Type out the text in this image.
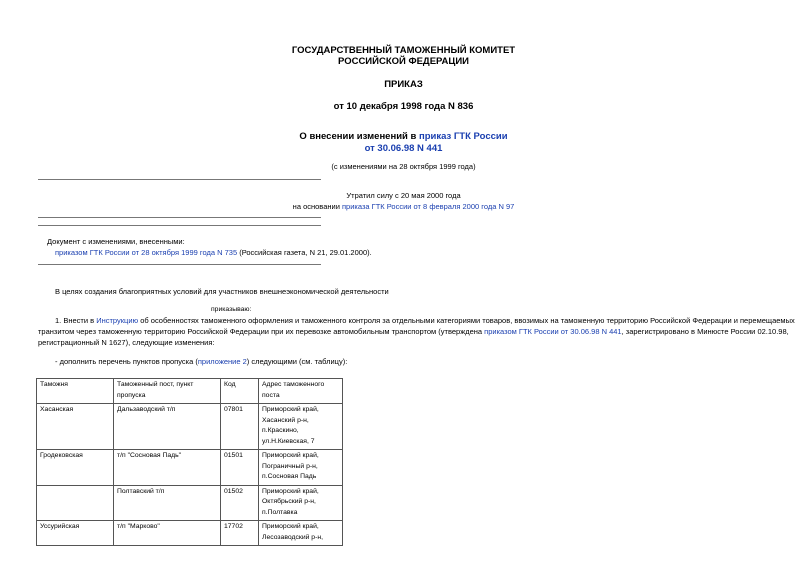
ГОСУДАРСТВЕННЫЙ ТАМОЖЕННЫЙ КОМИТЕТ
РОССИЙСКОЙ ФЕДЕРАЦИИ
ПРИКАЗ
от 10 декабря 1998 года N 836
О внесении изменений в приказ ГТК России
от 30.06.98 N 441
(с изменениями на 28 октября 1999 года)
Утратил силу с 20 мая 2000 года
на основании приказа ГТК России от 8 февраля 2000 года N 97
Документ с изменениями, внесенными:
приказом ГТК России от 28 октября 1999 года N 735 (Российская газета, N 21, 29.01.2000).
В целях создания благоприятных условий для участников внешнеэкономической деятельности
приказываю:
1. Внести в Инструкцию об особенностях таможенного оформления и таможенного контроля за отдельными категориями товаров, ввозимых на таможенную территорию Российской Федерации и перемещаемых
транзитом через таможенную территорию Российской Федерации при их перевозке автомобильным транспортом (утверждена приказом ГТК России от 30.06.98 N 441, зарегистрировано в Минюсте России 02.10.98,
регистрационный N 1627), следующие изменения:
- дополнить перечень пунктов пропуска (приложение 2) следующими (см. таблицу):
Таможня	Таможенный пост, пункт пропуска	Код	Адрес таможенного поста
Хасанская	Дальзаводский т/п	07801	Приморский край, Хасанский р-н, п.Краскино, ул.Н.Киевская, 7
Гродековская	т/п "Сосновая Падь"	01501	Приморский край, Пограничный р-н, п.Сосновая Падь
	Полтавский т/п	01502	Приморский край, Октябрьский р-н, п.Полтавка
Уссурийская	т/п "Марково"	17702	Приморский край, Лесозаводский р-н,
